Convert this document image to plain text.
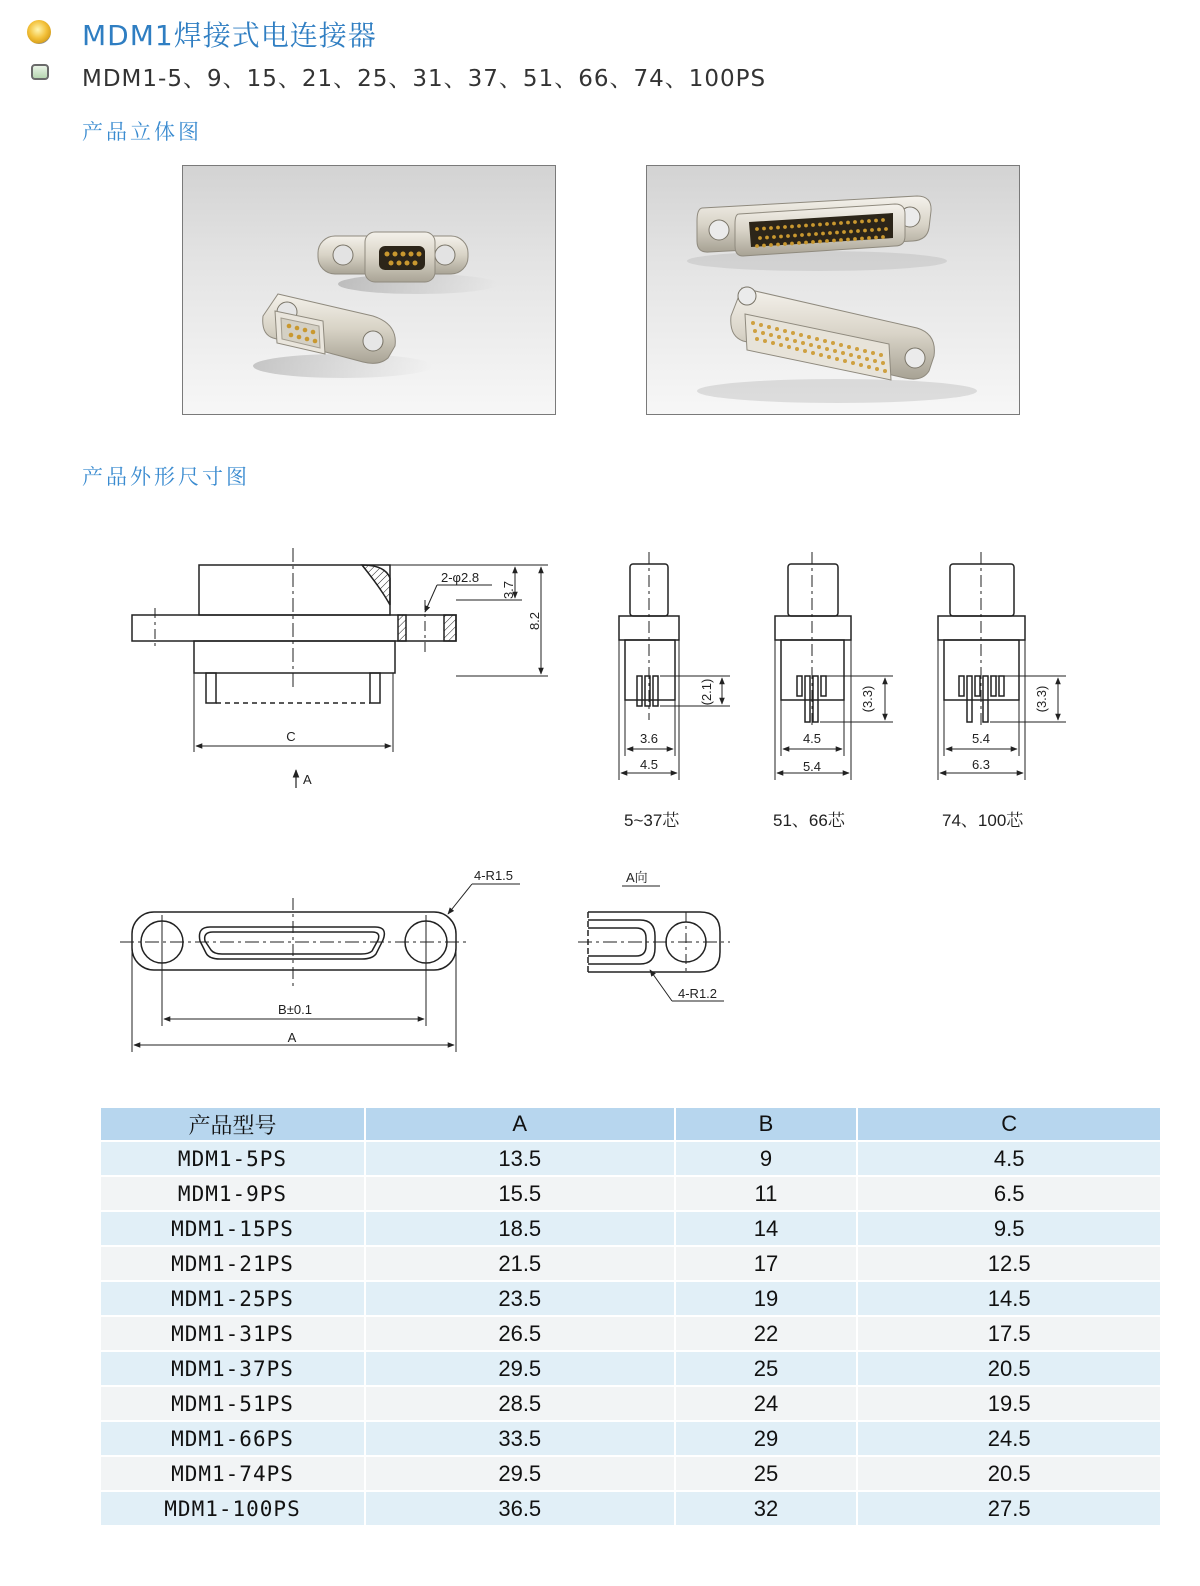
MDM1焊接式电连接器
MDM1-5、9、15、21、25、31、37、51、66、74、100PS
产品立体图
产品外形尺寸图
2-φ2.8
3.7
8.2
C
A
(2.1)
3.6
4.5
(3.3)
4.5
5.4
(3.3)
5.4
6.3
4-R1.5
B±0.1
A
A向
4-R1.2
5~37芯	51、66芯	74、100芯
产品型号	A	B	C
MDM1-5PS	13.5	9	4.5
MDM1-9PS	15.5	11	6.5
MDM1-15PS	18.5	14	9.5
MDM1-21PS	21.5	17	12.5
MDM1-25PS	23.5	19	14.5
MDM1-31PS	26.5	22	17.5
MDM1-37PS	29.5	25	20.5
MDM1-51PS	28.5	24	19.5
MDM1-66PS	33.5	29	24.5
MDM1-74PS	29.5	25	20.5
MDM1-100PS	36.5	32	27.5
